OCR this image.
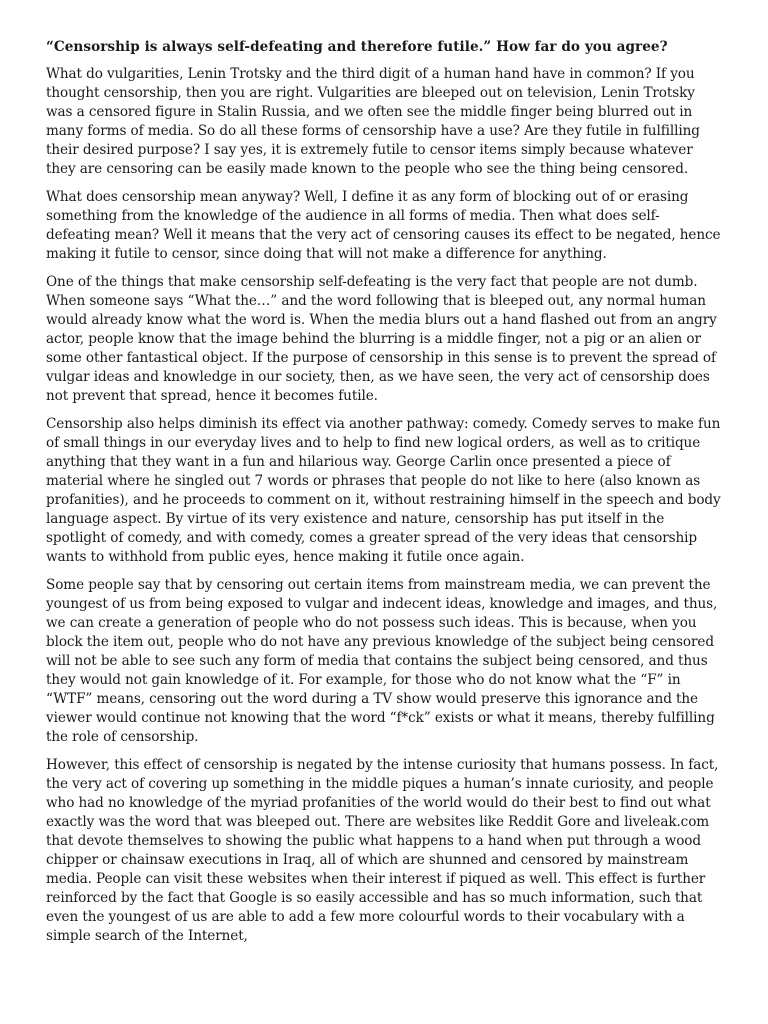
“Censorship is always self-defeating and therefore futile.” How far do you agree?

What do vulgarities, Lenin Trotsky and the third digit of a human hand have in common? If you thought censorship, then you are right. Vulgarities are bleeped out on television, Lenin Trotsky was a censored figure in Stalin Russia, and we often see the middle finger being blurred out in many forms of media. So do all these forms of censorship have a use? Are they futile in fulfilling their desired purpose? I say yes, it is extremely futile to censor items simply because whatever they are censoring can be easily made known to the people who see the thing being censored.

What does censorship mean anyway? Well, I define it as any form of blocking out of or erasing something from the knowledge of the audience in all forms of media. Then what does self-defeating mean? Well it means that the very act of censoring causes its effect to be negated, hence making it futile to censor, since doing that will not make a difference for anything.

One of the things that make censorship self-defeating is the very fact that people are not dumb. When someone says “What the…” and the word following that is bleeped out, any normal human would already know what the word is. When the media blurs out a hand flashed out from an angry actor, people know that the image behind the blurring is a middle finger, not a pig or an alien or some other fantastical object. If the purpose of censorship in this sense is to prevent the spread of vulgar ideas and knowledge in our society, then, as we have seen, the very act of censorship does not prevent that spread, hence it becomes futile.

Censorship also helps diminish its effect via another pathway: comedy. Comedy serves to make fun of small things in our everyday lives and to help to find new logical orders, as well as to critique anything that they want in a fun and hilarious way. George Carlin once presented a piece of material where he singled out 7 words or phrases that people do not like to here (also known as profanities), and he proceeds to comment on it, without restraining himself in the speech and body language aspect. By virtue of its very existence and nature, censorship has put itself in the spotlight of comedy, and with comedy, comes a greater spread of the very ideas that censorship wants to withhold from public eyes, hence making it futile once again.

Some people say that by censoring out certain items from mainstream media, we can prevent the youngest of us from being exposed to vulgar and indecent ideas, knowledge and images, and thus, we can create a generation of people who do not possess such ideas. This is because, when you block the item out, people who do not have any previous knowledge of the subject being censored will not be able to see such any form of media that contains the subject being censored, and thus they would not gain knowledge of it. For example, for those who do not know what the “F” in “WTF” means, censoring out the word during a TV show would preserve this ignorance and the viewer would continue not knowing that the word “f*ck” exists or what it means, thereby fulfilling the role of censorship.

However, this effect of censorship is negated by the intense curiosity that humans possess. In fact, the very act of covering up something in the middle piques a human’s innate curiosity, and people who had no knowledge of the myriad profanities of the world would do their best to find out what exactly was the word that was bleeped out. There are websites like Reddit Gore and liveleak.com that devote themselves to showing the public what happens to a hand when put through a wood chipper or chainsaw executions in Iraq, all of which are shunned and censored by mainstream media. People can visit these websites when their interest if piqued as well. This effect is further reinforced by the fact that Google is so easily accessible and has so much information, such that even the youngest of us are able to add a few more colourful words to their vocabulary with a simple search of the Internet,
